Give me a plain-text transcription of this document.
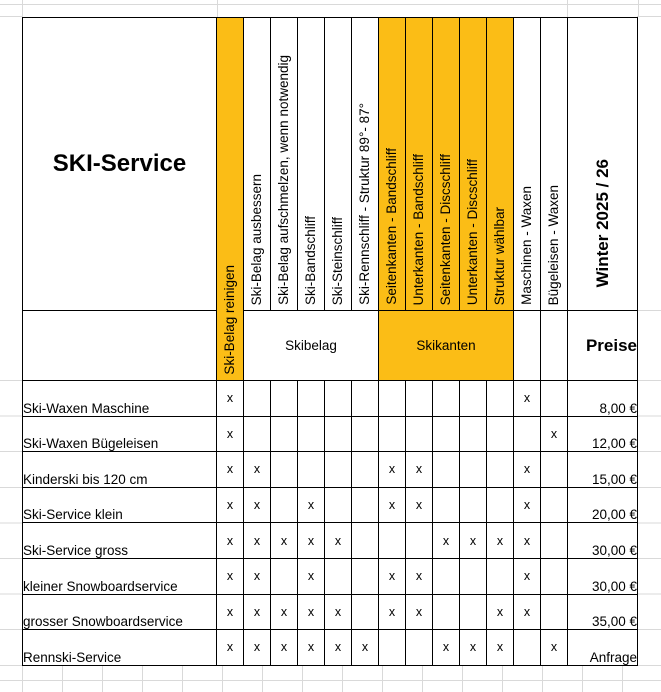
SKI-Service	Ski-Belag reinigen	Ski-Belag ausbessern	Ski-Belag aufschmelzen, wenn notwendig	Ski-Bandschliff	Ski-Steinschliff	Ski-Rennschliff - Struktur 89°- 87°	Seitenkanten - Bandschliff	Unterkanten - Bandschliff	Seitenkanten - Discschliff	Unterkanten - Discschliff	Struktur wählbar	Maschinen - Waxen	Bügeleisen - Waxen	Winter 2025 / 26
		Skibelag					Skikanten							Preise
Ski-Waxen Maschine	x											x		8,00 €
Ski-Waxen Bügeleisen	x												x	12,00 €
Kinderski bis 120 cm	x	x					x	x				x		15,00 €
Ski-Service klein	x	x		x			x	x				x		20,00 €
Ski-Service gross	x	x	x	x	x				x	x	x	x		30,00 €
kleiner Snowboardservice	x	x		x			x	x				x		30,00 €
grosser Snowboardservice	x	x	x	x	x		x	x			x	x		35,00 €
Rennski-Service	x	x	x	x	x	x			x	x	x		x	Anfrage
